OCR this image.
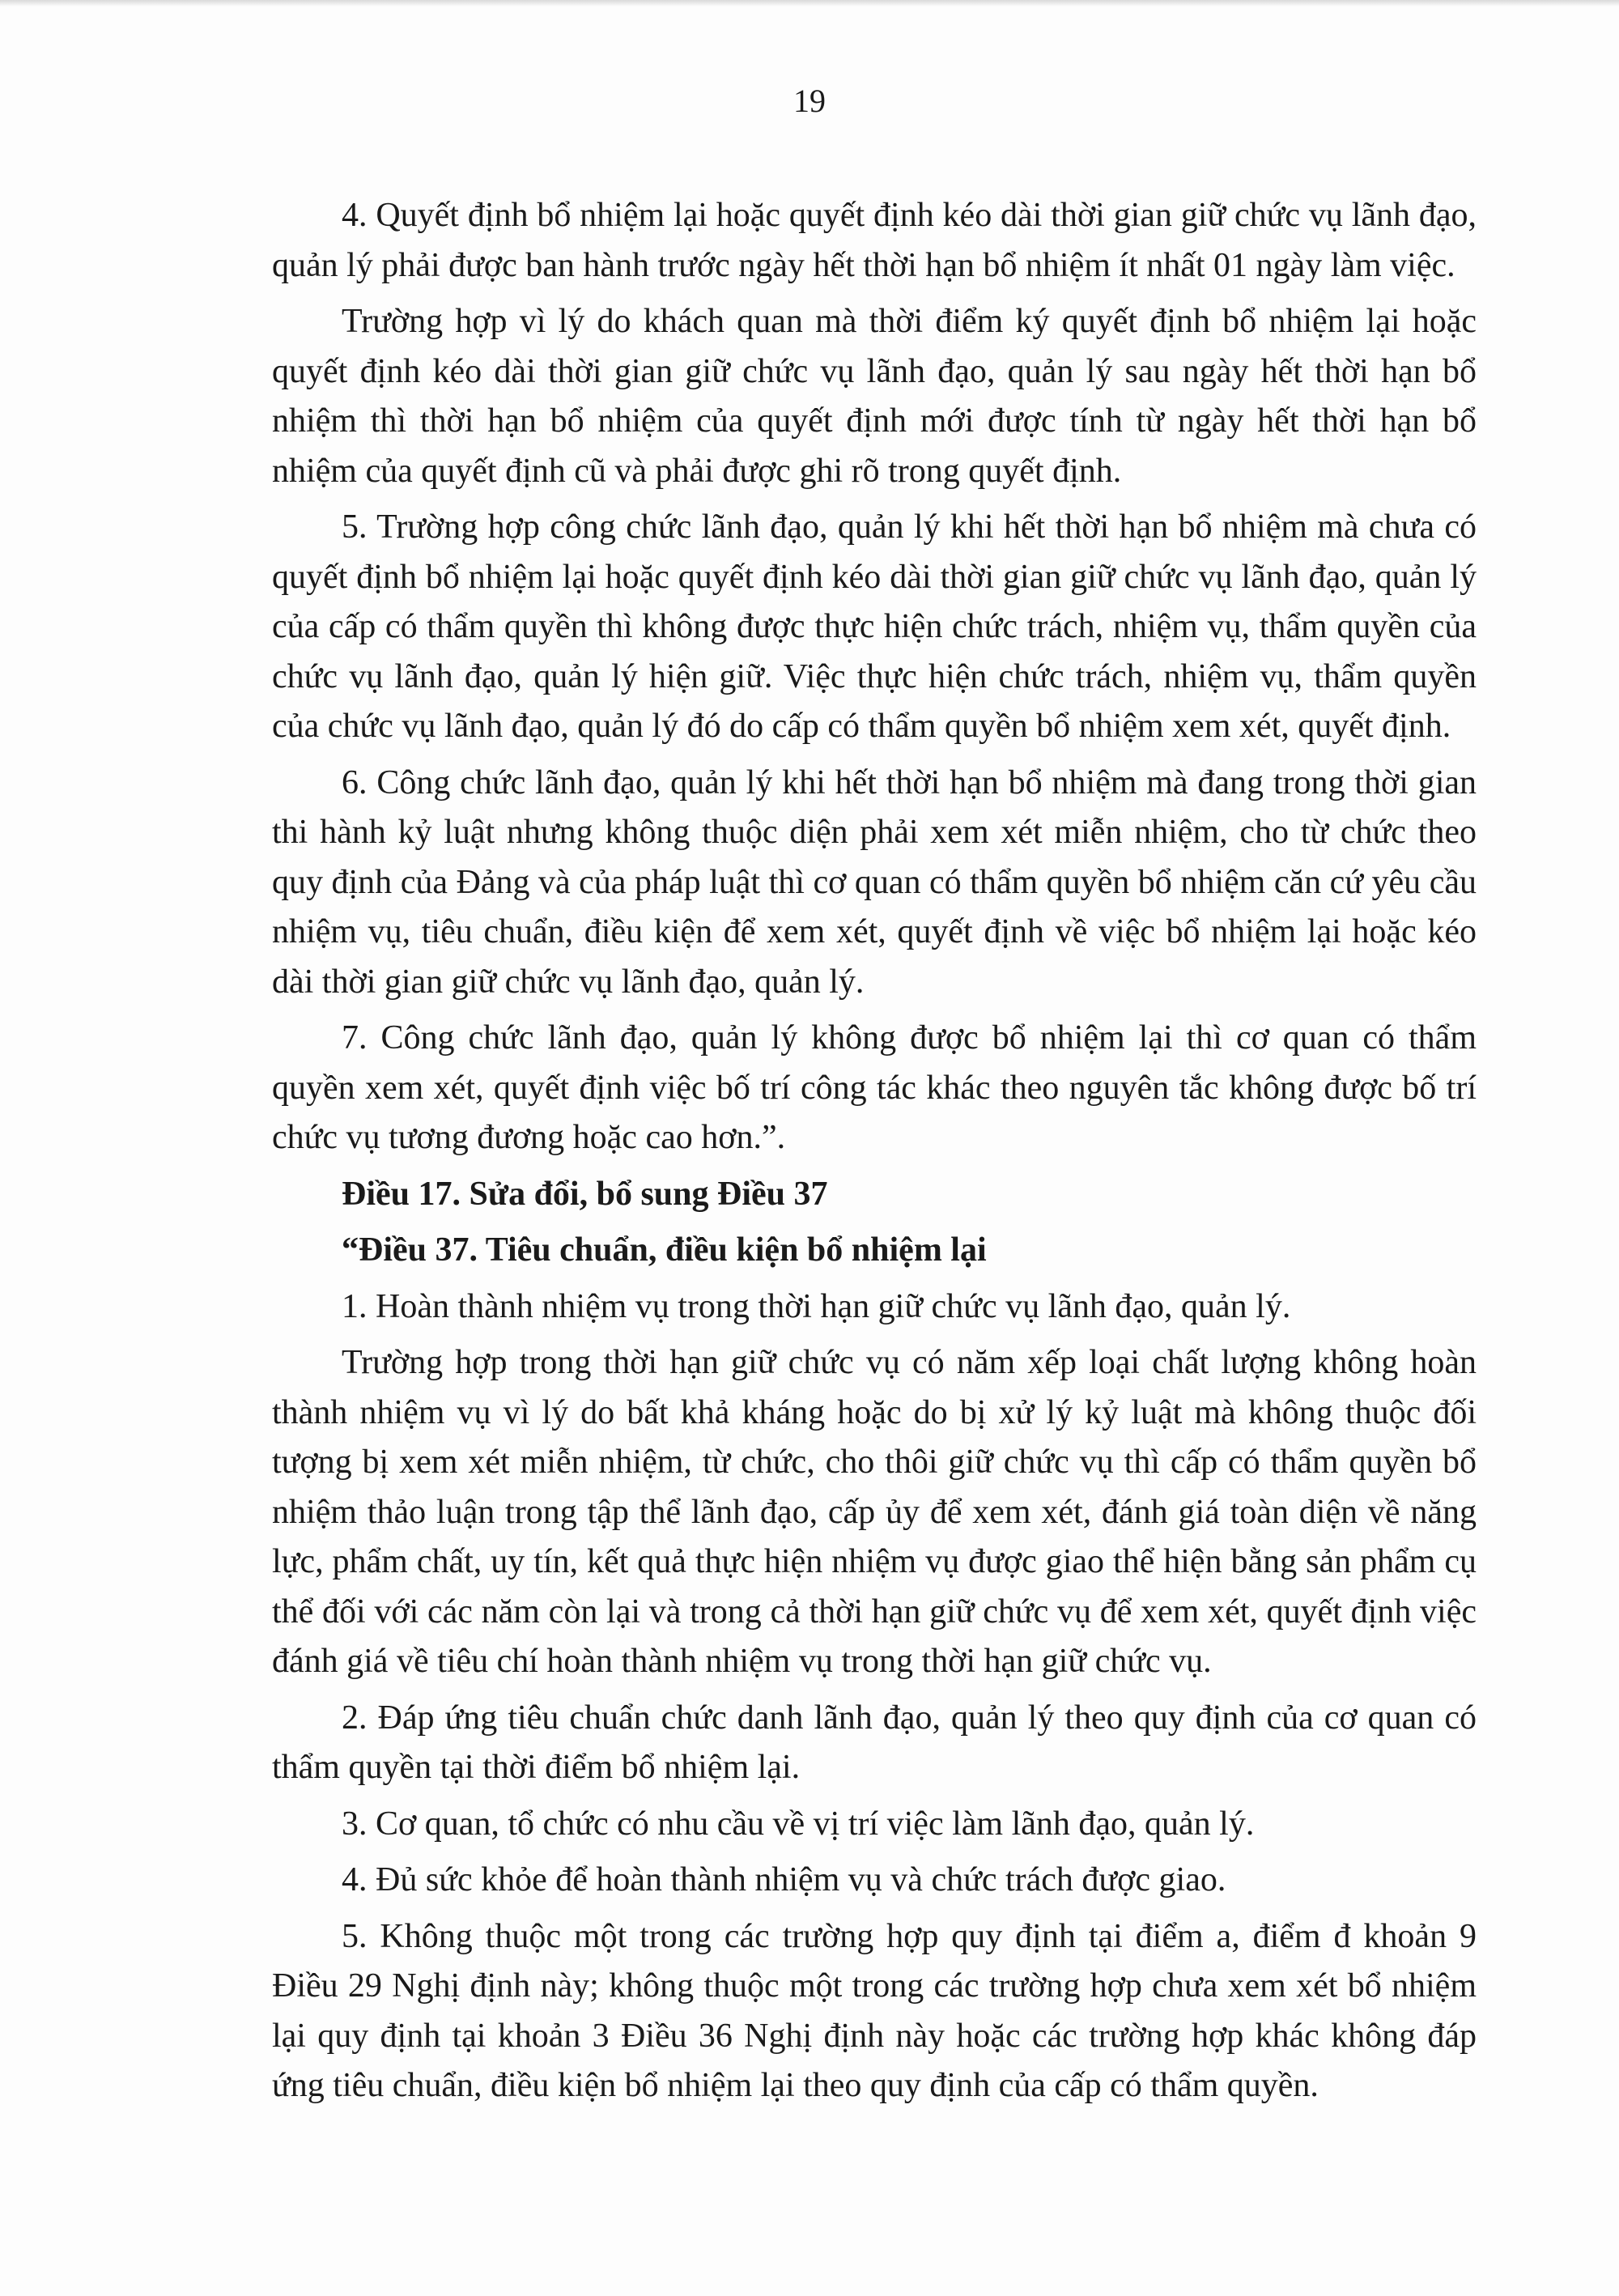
19

4. Quyết định bổ nhiệm lại hoặc quyết định kéo dài thời gian giữ chức vụ lãnh đạo, quản lý phải được ban hành trước ngày hết thời hạn bổ nhiệm ít nhất 01 ngày làm việc.

Trường hợp vì lý do khách quan mà thời điểm ký quyết định bổ nhiệm lại hoặc quyết định kéo dài thời gian giữ chức vụ lãnh đạo, quản lý sau ngày hết thời hạn bổ nhiệm thì thời hạn bổ nhiệm của quyết định mới được tính từ ngày hết thời hạn bổ nhiệm của quyết định cũ và phải được ghi rõ trong quyết định.

5. Trường hợp công chức lãnh đạo, quản lý khi hết thời hạn bổ nhiệm mà chưa có quyết định bổ nhiệm lại hoặc quyết định kéo dài thời gian giữ chức vụ lãnh đạo, quản lý của cấp có thẩm quyền thì không được thực hiện chức trách, nhiệm vụ, thẩm quyền của chức vụ lãnh đạo, quản lý hiện giữ. Việc thực hiện chức trách, nhiệm vụ, thẩm quyền của chức vụ lãnh đạo, quản lý đó do cấp có thẩm quyền bổ nhiệm xem xét, quyết định.

6. Công chức lãnh đạo, quản lý khi hết thời hạn bổ nhiệm mà đang trong thời gian thi hành kỷ luật nhưng không thuộc diện phải xem xét miễn nhiệm, cho từ chức theo quy định của Đảng và của pháp luật thì cơ quan có thẩm quyền bổ nhiệm căn cứ yêu cầu nhiệm vụ, tiêu chuẩn, điều kiện để xem xét, quyết định về việc bổ nhiệm lại hoặc kéo dài thời gian giữ chức vụ lãnh đạo, quản lý.

7. Công chức lãnh đạo, quản lý không được bổ nhiệm lại thì cơ quan có thẩm quyền xem xét, quyết định việc bố trí công tác khác theo nguyên tắc không được bố trí chức vụ tương đương hoặc cao hơn.”.

Điều 17. Sửa đổi, bổ sung Điều 37

“Điều 37. Tiêu chuẩn, điều kiện bổ nhiệm lại

1. Hoàn thành nhiệm vụ trong thời hạn giữ chức vụ lãnh đạo, quản lý.

Trường hợp trong thời hạn giữ chức vụ có năm xếp loại chất lượng không hoàn thành nhiệm vụ vì lý do bất khả kháng hoặc do bị xử lý kỷ luật mà không thuộc đối tượng bị xem xét miễn nhiệm, từ chức, cho thôi giữ chức vụ thì cấp có thẩm quyền bổ nhiệm thảo luận trong tập thể lãnh đạo, cấp ủy để xem xét, đánh giá toàn diện về năng lực, phẩm chất, uy tín, kết quả thực hiện nhiệm vụ được giao thể hiện bằng sản phẩm cụ thể đối với các năm còn lại và trong cả thời hạn giữ chức vụ để xem xét, quyết định việc đánh giá về tiêu chí hoàn thành nhiệm vụ trong thời hạn giữ chức vụ.

2. Đáp ứng tiêu chuẩn chức danh lãnh đạo, quản lý theo quy định của cơ quan có thẩm quyền tại thời điểm bổ nhiệm lại.

3. Cơ quan, tổ chức có nhu cầu về vị trí việc làm lãnh đạo, quản lý.

4. Đủ sức khỏe để hoàn thành nhiệm vụ và chức trách được giao.

5. Không thuộc một trong các trường hợp quy định tại điểm a, điểm đ khoản 9 Điều 29 Nghị định này; không thuộc một trong các trường hợp chưa xem xét bổ nhiệm lại quy định tại khoản 3 Điều 36 Nghị định này hoặc các trường hợp khác không đáp ứng tiêu chuẩn, điều kiện bổ nhiệm lại theo quy định của cấp có thẩm quyền.
